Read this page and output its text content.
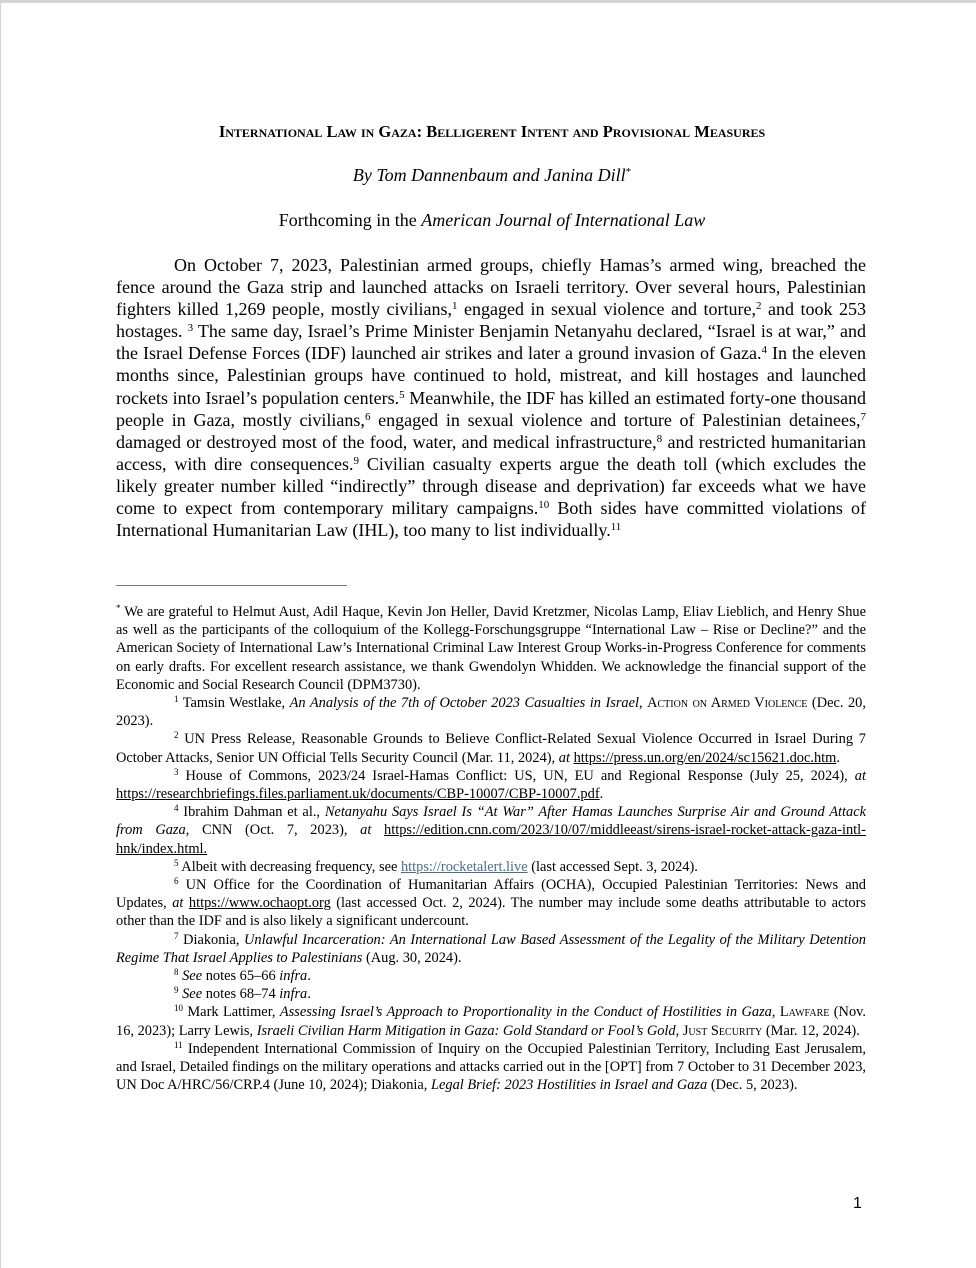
International Law in Gaza: Belligerent Intent and Provisional Measures
By Tom Dannenbaum and Janina Dill*
Forthcoming in the American Journal of International Law
On October 7, 2023, Palestinian armed groups, chiefly Hamas’s armed wing, breached the fence around the Gaza strip and launched attacks on Israeli territory. Over several hours, Palestinian fighters killed 1,269 people, mostly civilians,$^1$ engaged in sexual violence and torture,$^2$ and took 253 hostages. $^3$ The same day, Israel’s Prime Minister Benjamin Netanyahu declared, “Israel is at war,” and the Israel Defense Forces (IDF) launched air strikes and later a ground invasion of Gaza.$^4$ In the eleven months since, Palestinian groups have continued to hold, mistreat, and kill hostages and launched rockets into Israel’s population centers.$^5$ Meanwhile, the IDF has killed an estimated forty-one thousand people in Gaza, mostly civilians,$^6$ engaged in sexual violence and torture of Palestinian detainees,$^7$ damaged or destroyed most of the food, water, and medical infrastructure,$^8$ and restricted humanitarian access, with dire consequences.$^9$ Civilian casualty experts argue the death toll (which excludes the likely greater number killed “indirectly” through disease and deprivation) far exceeds what we have come to expect from contemporary military campaigns.$^{10}$ Both sides have committed violations of International Humanitarian Law (IHL), too many to list individually.$^{11}$

* We are grateful to Helmut Aust, Adil Haque, Kevin Jon Heller, David Kretzmer, Nicolas Lamp, Eliav Lieblich, and Henry Shue as well as the participants of the colloquium of the Kollegg-Forschungsgruppe “International Law – Rise or Decline?” and the American Society of International Law’s International Criminal Law Interest Group Works-in-Progress Conference for comments on early drafts. For excellent research assistance, we thank Gwendolyn Whidden. We acknowledge the financial support of the Economic and Social Research Council (DPM3730).

$^1$ Tamsin Westlake, An Analysis of the 7th of October 2023 Casualties in Israel, Action on Armed Violence (Dec. 20, 2023).

$^2$ UN Press Release, Reasonable Grounds to Believe Conflict-Related Sexual Violence Occurred in Israel During 7 October Attacks, Senior UN Official Tells Security Council (Mar. 11, 2024), at https://press.un.org/en/2024/sc15621.doc.htm.

$^3$ House of Commons, 2023/24 Israel-Hamas Conflict: US, UN, EU and Regional Response (July 25, 2024), at https://researchbriefings.files.parliament.uk/documents/CBP-10007/CBP-10007.pdf.

$^4$ Ibrahim Dahman et al., Netanyahu Says Israel Is “At War” After Hamas Launches Surprise Air and Ground Attack from Gaza, CNN (Oct. 7, 2023), at https://edition.cnn.com/2023/10/07/middleeast/sirens-israel-rocket-attack-gaza-intl-hnk/index.html.

$^5$ Albeit with decreasing frequency, see https://rocketalert.live (last accessed Sept. 3, 2024).

$^6$ UN Office for the Coordination of Humanitarian Affairs (OCHA), Occupied Palestinian Territories: News and Updates, at https://www.ochaopt.org (last accessed Oct. 2, 2024). The number may include some deaths attributable to actors other than the IDF and is also likely a significant undercount.

$^7$ Diakonia, Unlawful Incarceration: An International Law Based Assessment of the Legality of the Military Detention Regime That Israel Applies to Palestinians (Aug. 30, 2024).

$^8$ See notes 65–66 infra.

$^9$ See notes 68–74 infra.

$^{10}$ Mark Lattimer, Assessing Israel’s Approach to Proportionality in the Conduct of Hostilities in Gaza, Lawfare (Nov. 16, 2023); Larry Lewis, Israeli Civilian Harm Mitigation in Gaza: Gold Standard or Fool’s Gold, Just Security (Mar. 12, 2024).

$^{11}$ Independent International Commission of Inquiry on the Occupied Palestinian Territory, Including East Jerusalem, and Israel, Detailed findings on the military operations and attacks carried out in the [OPT] from 7 October to 31 December 2023, UN Doc A/HRC/56/CRP.4 (June 10, 2024); Diakonia, Legal Brief: 2023 Hostilities in Israel and Gaza (Dec. 5, 2023).

1
